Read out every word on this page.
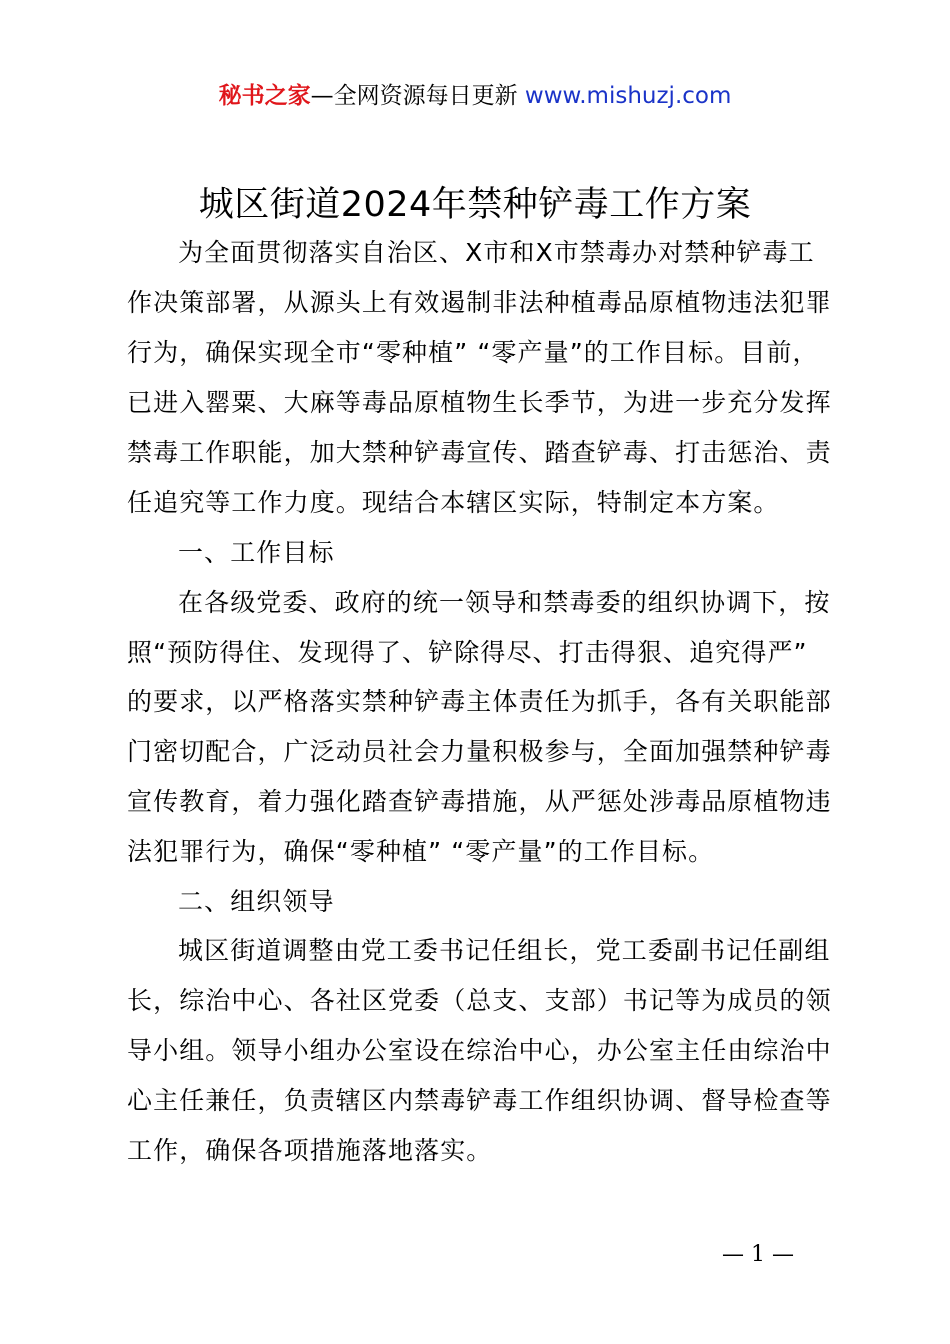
秘书之家—全网资源每日更新 www.mishuzj.com
城区街道2024年禁种铲毒工作方案
为全面贯彻落实自治区、X市和X市禁毒办对禁种铲毒工
作决策部署，从源头上有效遏制非法种植毒品原植物违法犯罪
行为，确保实现全市“零种植” “零产量”的工作目标。目前，
已进入罂粟、大麻等毒品原植物生长季节，为进一步充分发挥
禁毒工作职能，加大禁种铲毒宣传、踏查铲毒、打击惩治、责
任追究等工作力度。现结合本辖区实际，特制定本方案。
一、工作目标
在各级党委、政府的统一领导和禁毒委的组织协调下，按
照“预防得住、发现得了、铲除得尽、打击得狠、追究得严”
的要求，以严格落实禁种铲毒主体责任为抓手，各有关职能部
门密切配合，广泛动员社会力量积极参与，全面加强禁种铲毒
宣传教育，着力强化踏查铲毒措施，从严惩处涉毒品原植物违
法犯罪行为，确保“零种植” “零产量”的工作目标。
二、组织领导
城区街道调整由党工委书记任组长，党工委副书记任副组
长，综治中心、各社区党委（总支、支部）书记等为成员的领
导小组。领导小组办公室设在综治中心，办公室主任由综治中
心主任兼任，负责辖区内禁毒铲毒工作组织协调、督导检查等
工作，确保各项措施落地落实。
— 1 —
